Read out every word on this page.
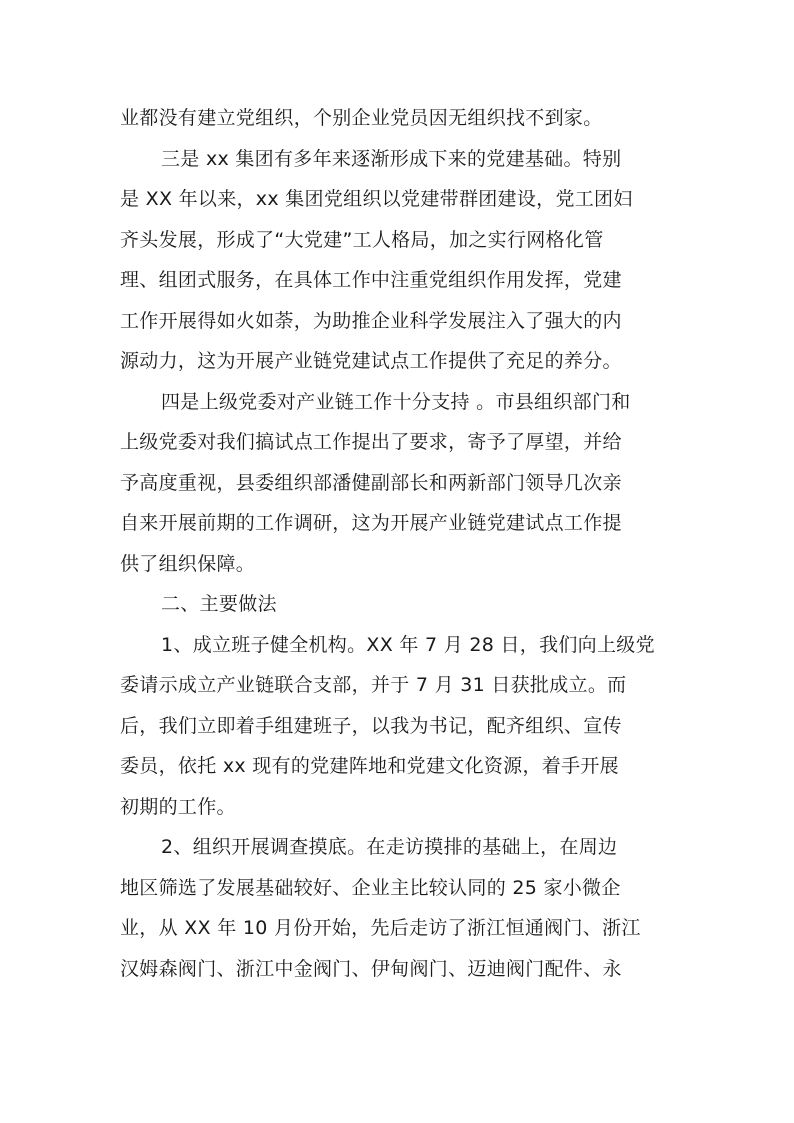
业都没有建立党组织，个别企业党员因无组织找不到家。
三是 xx 集团有多年来逐渐形成下来的党建基础。特别
是 XX 年以来，xx 集团党组织以党建带群团建设，党工团妇
齐头发展，形成了“大党建”工人格局，加之实行网格化管
理、组团式服务，在具体工作中注重党组织作用发挥，党建
工作开展得如火如荼，为助推企业科学发展注入了强大的内
源动力，这为开展产业链党建试点工作提供了充足的养分。
四是上级党委对产业链工作十分支持 。市县组织部门和
上级党委对我们搞试点工作提出了要求，寄予了厚望，并给
予高度重视，县委组织部潘健副部长和两新部门领导几次亲
自来开展前期的工作调研，这为开展产业链党建试点工作提
供了组织保障。
二、主要做法
1、成立班子健全机构。XX 年 7 月 28 日，我们向上级党
委请示成立产业链联合支部，并于 7 月 31 日获批成立。而
后，我们立即着手组建班子，以我为书记，配齐组织、宣传
委员，依托 xx 现有的党建阵地和党建文化资源，着手开展
初期的工作。
2、组织开展调查摸底。在走访摸排的基础上，在周边
地区筛选了发展基础较好、企业主比较认同的 25 家小微企
业，从 XX 年 10 月份开始，先后走访了浙江恒通阀门、浙江
汉姆森阀门、浙江中金阀门、伊甸阀门、迈迪阀门配件、永
